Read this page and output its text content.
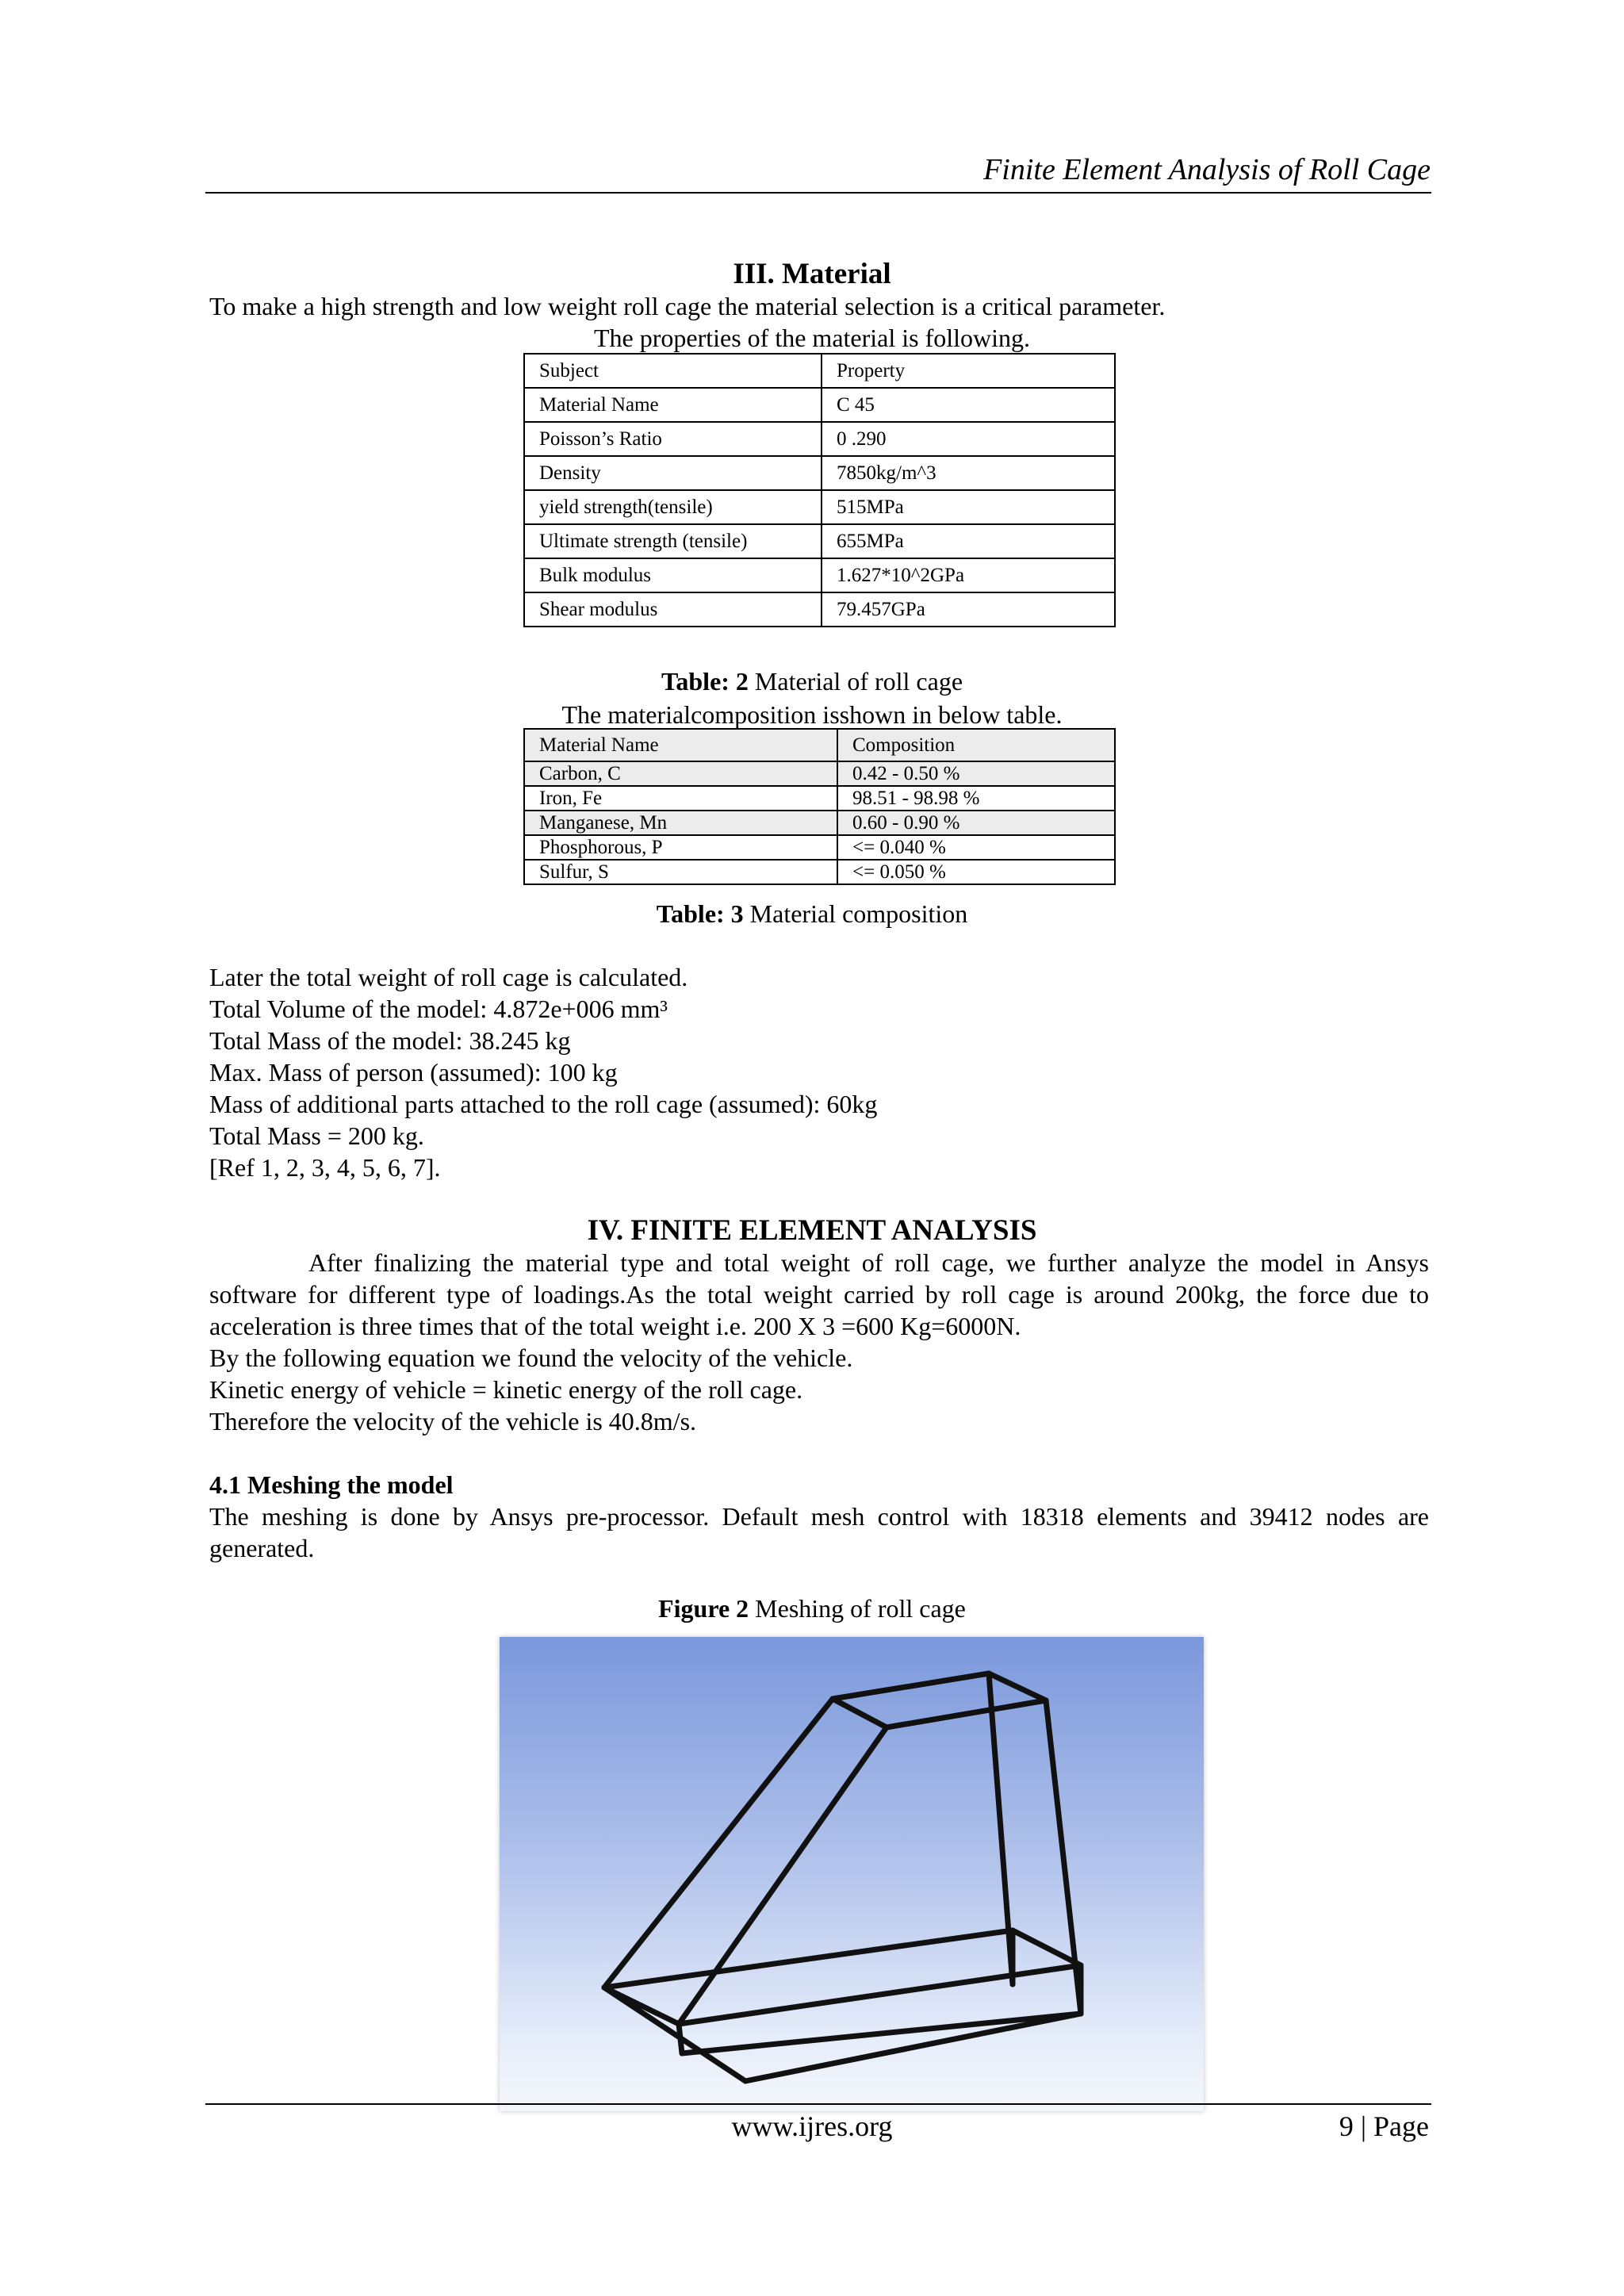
Finite Element Analysis of Roll Cage
III. Material
To make a high strength and low weight roll cage the material selection is a critical parameter.
The properties of the material is following.
Subject	Property
Material Name	C 45
Poisson’s Ratio	0 .290
Density	7850kg/m^3
yield strength(tensile)	515MPa
Ultimate strength (tensile)	655MPa
Bulk modulus	1.627*10^2GPa
Shear modulus	79.457GPa
Table: 2 Material of roll cage
The materialcomposition isshown in below table.
Material Name	Composition
Carbon, C	0.42 - 0.50 %
Iron, Fe	98.51 - 98.98 %
Manganese, Mn	0.60 - 0.90 %
Phosphorous, P	<= 0.040 %
Sulfur, S	<= 0.050 %
Table: 3 Material composition
Later the total weight of roll cage is calculated.
Total Volume of the model: 4.872e+006 mm³
Total Mass of the model: 38.245 kg
Max. Mass of person (assumed): 100 kg
Mass of additional parts attached to the roll cage (assumed): 60kg
Total Mass = 200 kg.
[Ref 1, 2, 3, 4, 5, 6, 7].
IV. FINITE ELEMENT ANALYSIS
After finalizing the material type and total weight of roll cage, we further analyze the model in Ansys software for different type of loadings.As the total weight carried by roll cage is around 200kg, the force due to acceleration is three times that of the total weight i.e. 200 X 3 =600 Kg=6000N.
By the following equation we found the velocity of the vehicle.
Kinetic energy of vehicle = kinetic energy of the roll cage.
Therefore the velocity of the vehicle is 40.8m/s.
4.1 Meshing the model
The meshing is done by Ansys pre-processor. Default mesh control with 18318 elements and 39412 nodes are generated.
Figure 2 Meshing of roll cage
www.ijres.org	9 | Page
